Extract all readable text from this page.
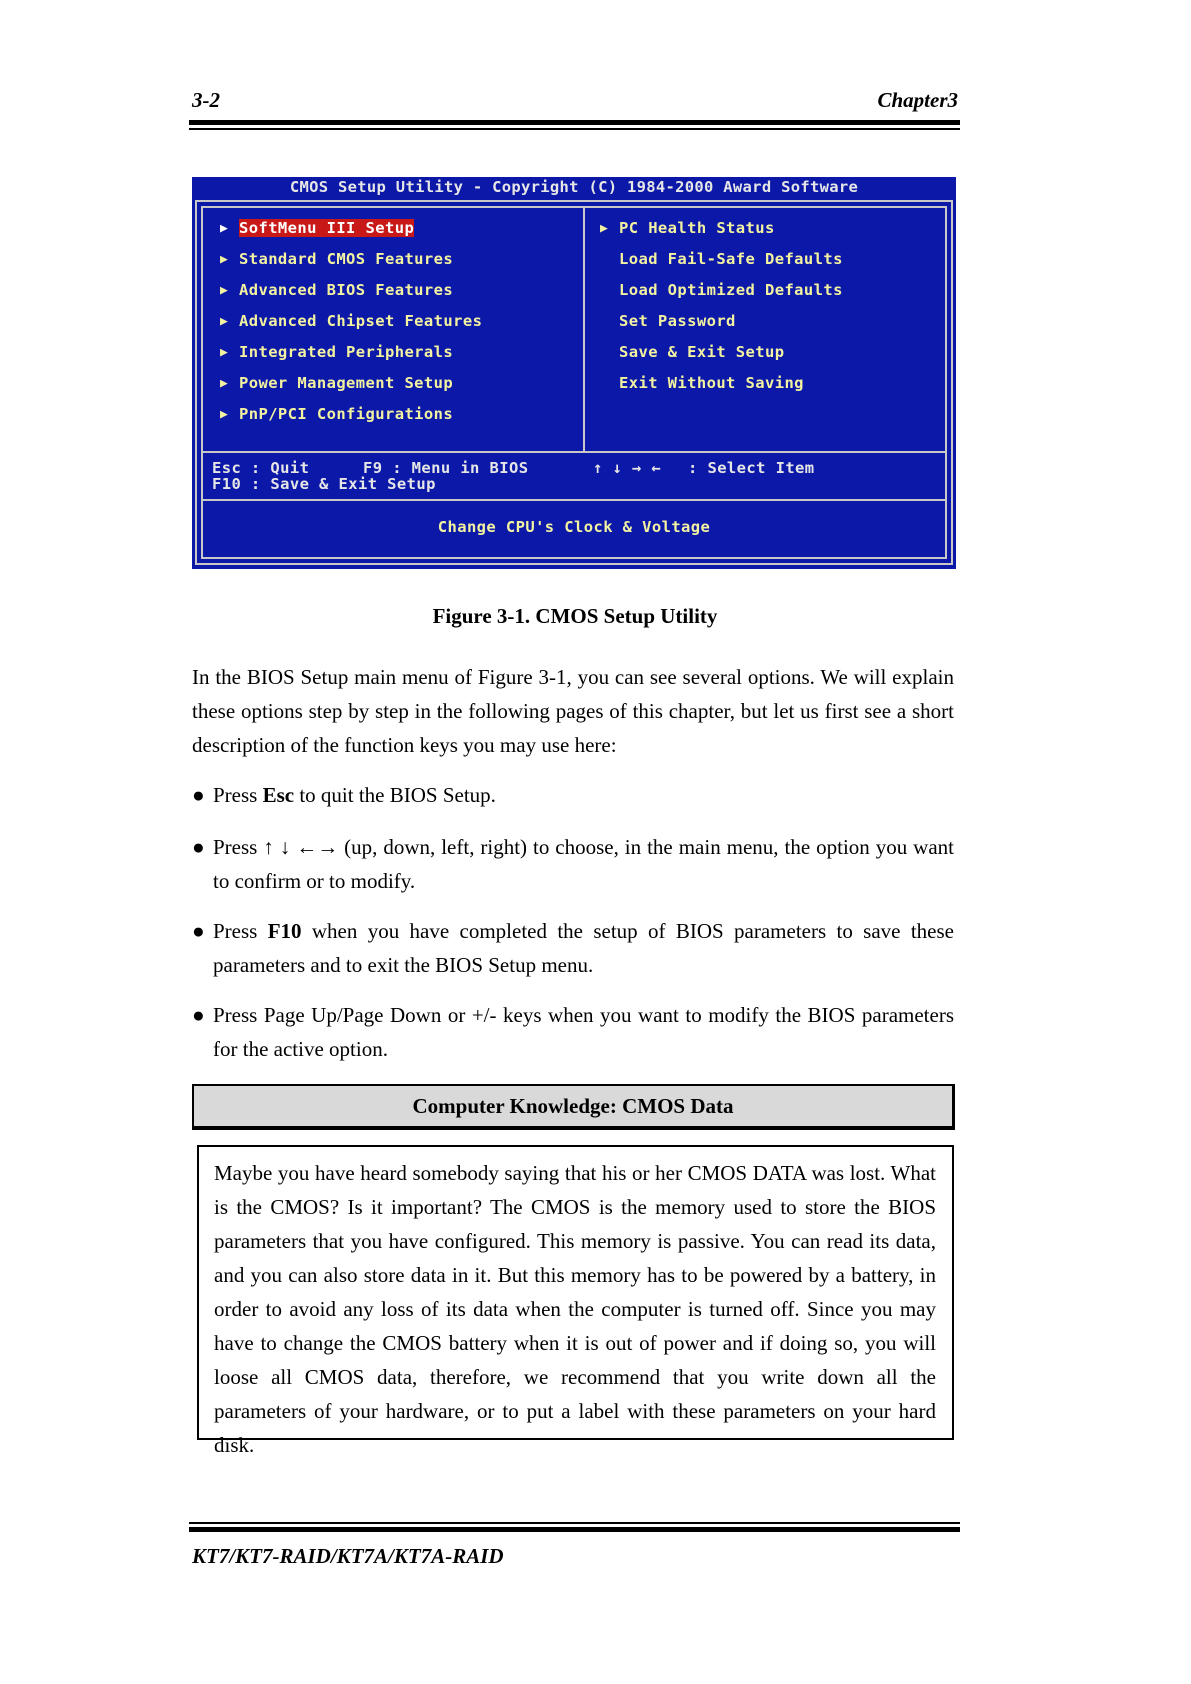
3-2	Chapter3
CMOS Setup Utility - Copyright (C) 1984-2000 Award Software
▶ SoftMenu III Setup
▶ Standard CMOS Features
▶ Advanced BIOS Features
▶ Advanced Chipset Features
▶ Integrated Peripherals
▶ Power Management Setup
▶ PnP/PCI Configurations
▶ PC Health Status
Load Fail-Safe Defaults
Load Optimized Defaults
Set Password
Save & Exit Setup
Exit Without Saving
Esc : Quit	F9 : Menu in BIOS	↑ ↓ → ← : Select Item
F10 : Save & Exit Setup
Change CPU's Clock & Voltage
Figure 3-1. CMOS Setup Utility
In the BIOS Setup main menu of Figure 3-1, you can see several options. We will explain these options step by step in the following pages of this chapter, but let us first see a short description of the function keys you may use here:
● Press Esc to quit the BIOS Setup.
● Press ↑ ↓ ←→ (up, down, left, right) to choose, in the main menu, the option you want to confirm or to modify.
● Press F10 when you have completed the setup of BIOS parameters to save these parameters and to exit the BIOS Setup menu.
● Press Page Up/Page Down or +/- keys when you want to modify the BIOS parameters for the active option.
Computer Knowledge: CMOS Data
Maybe you have heard somebody saying that his or her CMOS DATA was lost. What is the CMOS? Is it important? The CMOS is the memory used to store the BIOS parameters that you have configured. This memory is passive. You can read its data, and you can also store data in it. But this memory has to be powered by a battery, in order to avoid any loss of its data when the computer is turned off. Since you may have to change the CMOS battery when it is out of power and if doing so, you will loose all CMOS data, therefore, we recommend that you write down all the parameters of your hardware, or to put a label with these parameters on your hard disk.
KT7/KT7-RAID/KT7A/KT7A-RAID
